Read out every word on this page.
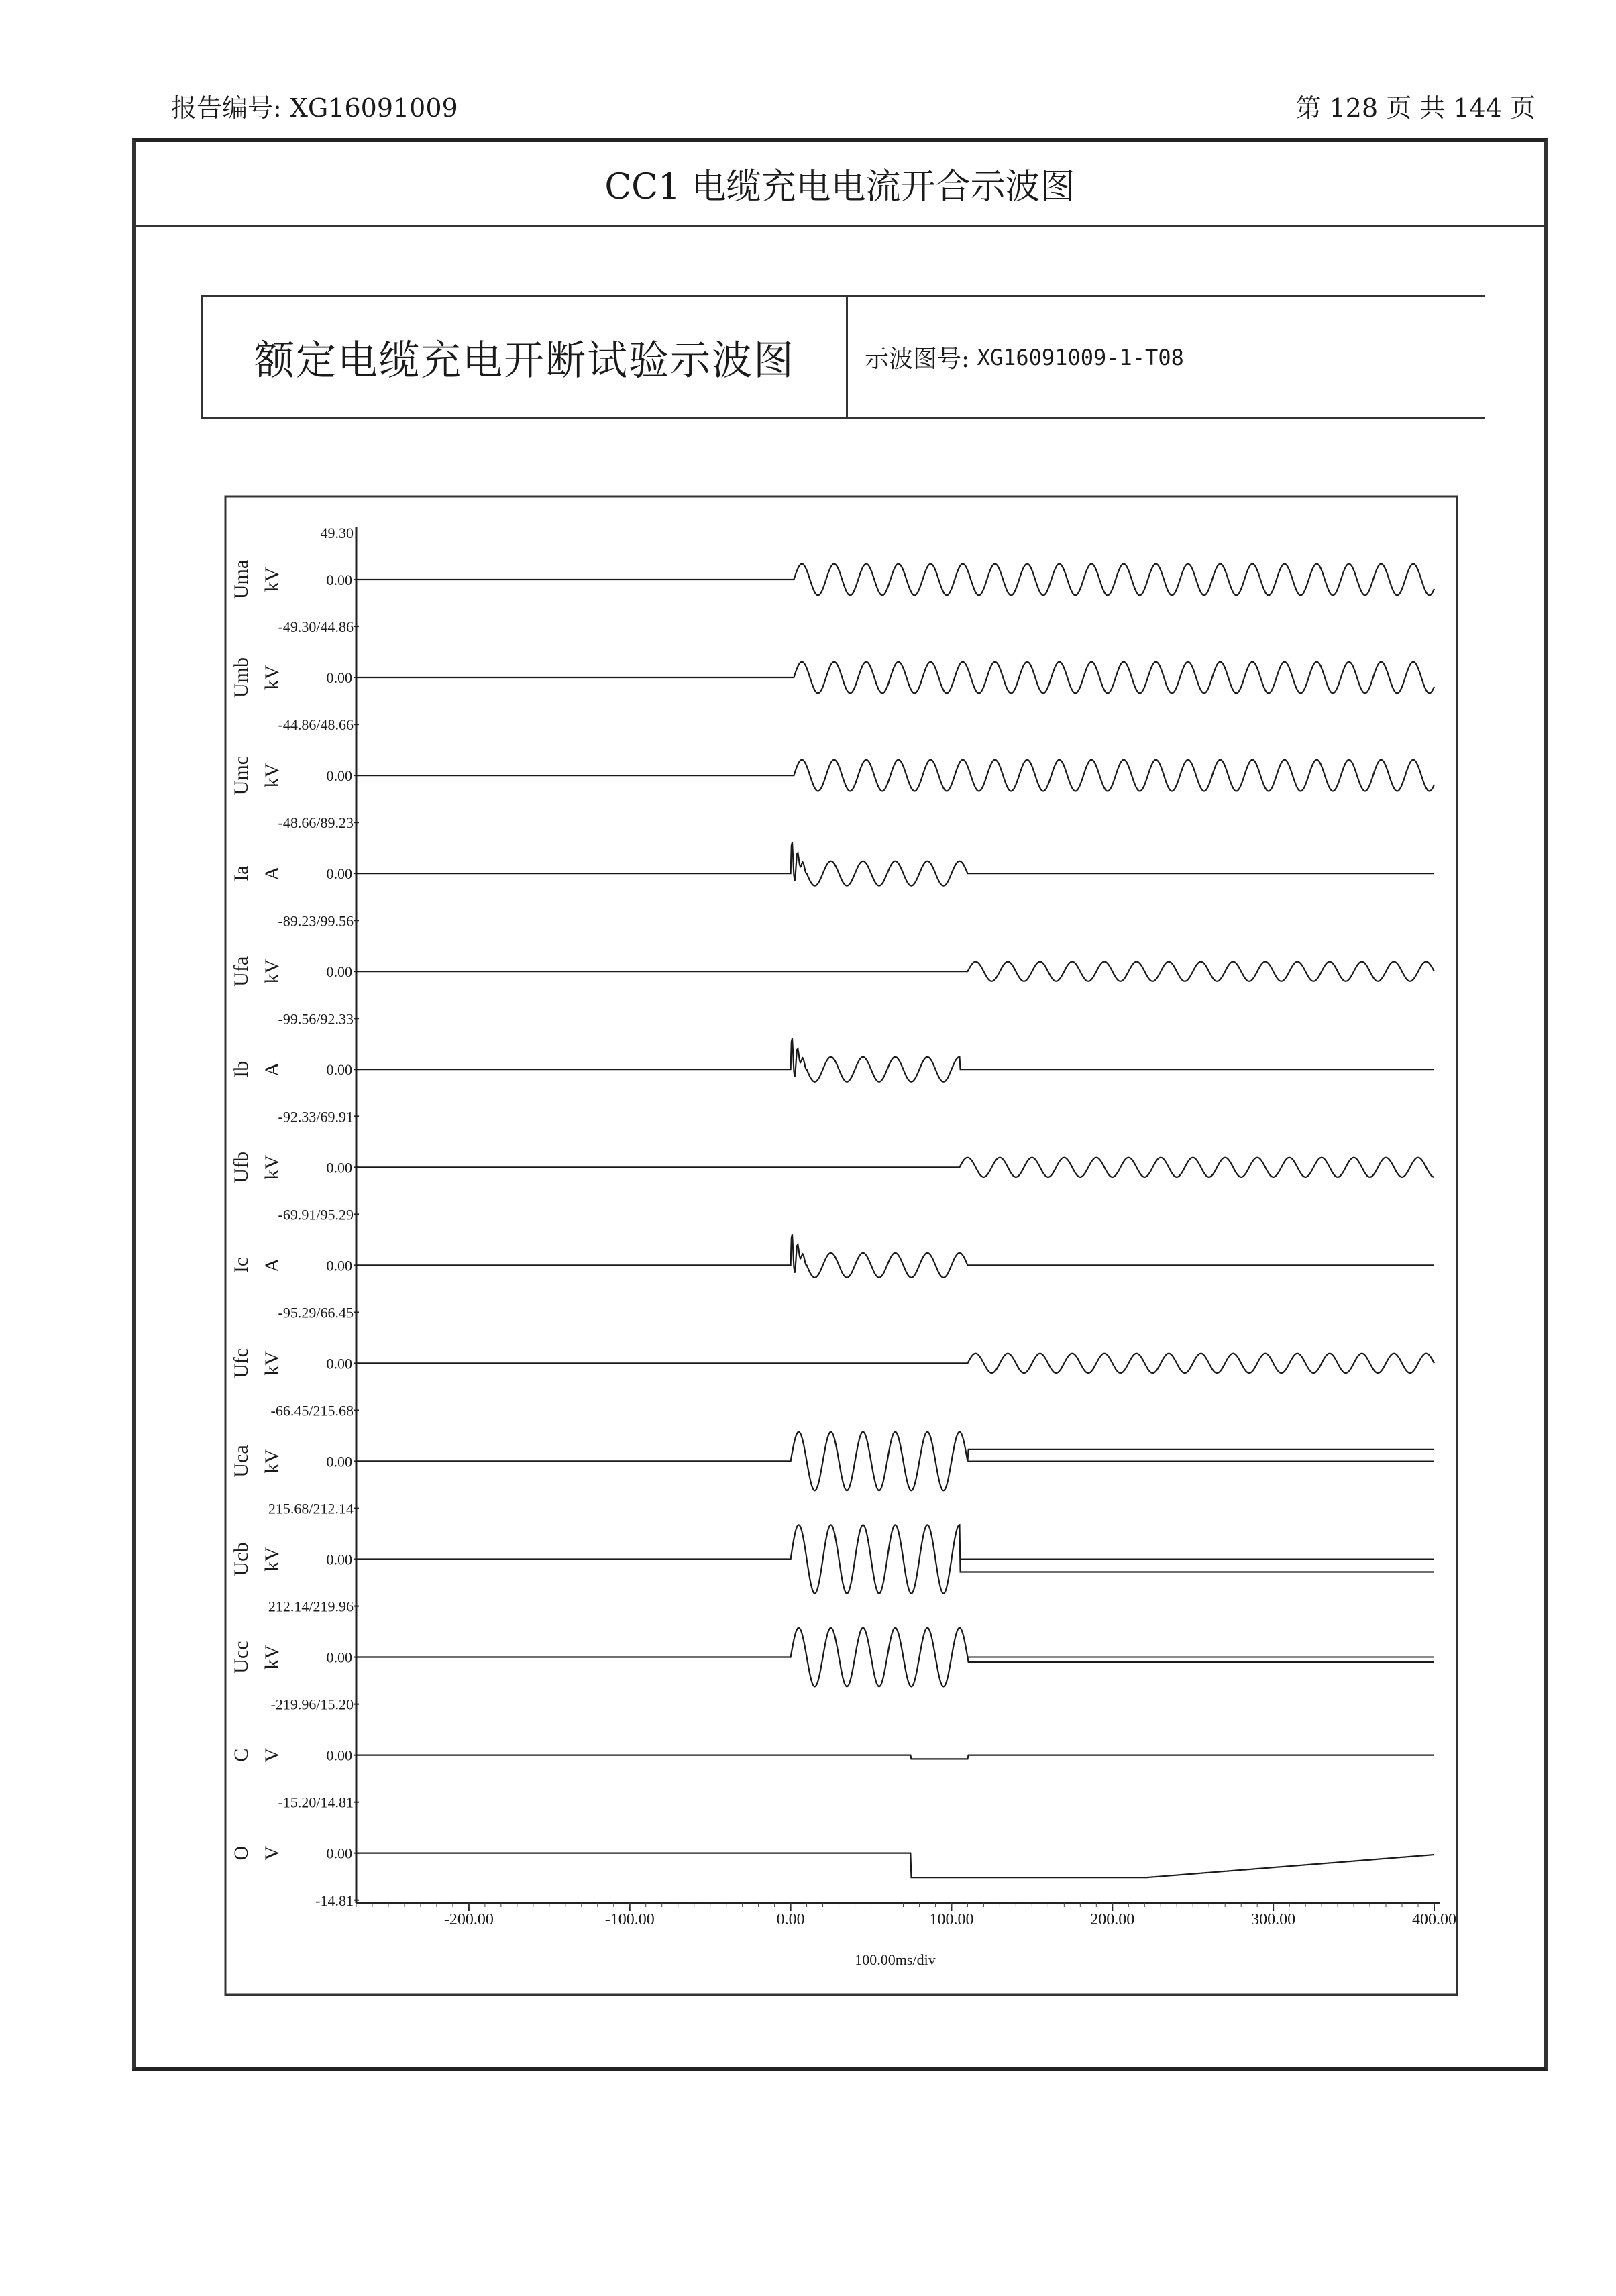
报告编号: XG16091009	第 128 页 共 144 页
CC1 电缆充电电流开合示波图
额定电缆充电开断试验示波图	示波图号:
XG16091009-1-T08
-200.00	-100.00	0.00	100.00	200.00	300.00	400.00
100.00ms/div
Uma kV	0.00
49.30
-49.30/44.86
Umb kV	0.00
-44.86/48.66
Umc kV	0.00
-48.66/89.23
Ia A	0.00
-89.23/99.56
Ufa kV	0.00
-99.56/92.33
Ib A	0.00
-92.33/69.91
Ufb kV	0.00
-69.91/95.29
Ic A	0.00
-95.29/66.45
Ufc kV	0.00
-66.45/215.68
Uca kV	0.00
215.68/212.14
Ucb kV	0.00
212.14/219.96
Ucc kV	0.00
-219.96/15.20
C V	0.00
-15.20/14.81
O V	0.00
-14.81
